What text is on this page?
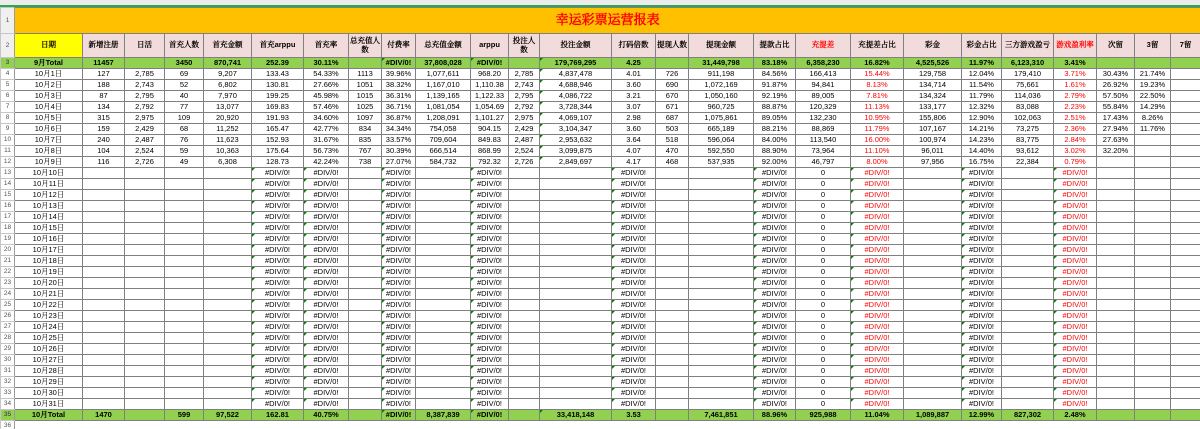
1	幸运彩票运营报表																									
2	日期	新增注册	日活	首充人数	首充金额	首充arppu	首充率	总充值人数	付费率	总充值金额	arppu	投注人数	投注金额	打码倍数	提现人数	提现金额	提款占比	充提差	充提差占比	彩金	彩金占比	三方游戏盈亏	游戏盈利率	次留	3留	7留
3	9月Total	11457		3450	870,741	252.39	30.11%		#DIV/0!	37,808,028	#DIV/0!		179,769,295	4.25		31,449,798	83.18%	6,358,230	16.82%	4,525,526	11.97%	6,123,310	3.41%			
4	10月1日	127	2,785	69	9,207	133.43	54.33%	1113	39.96%	1,077,611	968.20	2,785	4,837,478	4.01	726	911,198	84.56%	166,413	15.44%	129,758	12.04%	179,410	3.71%	30.43%	21.74%	
5	10月2日	188	2,743	52	6,802	130.81	27.66%	1051	38.32%	1,167,010	1,110.38	2,743	4,688,946	3.60	690	1,072,169	91.87%	94,841	8.13%	134,714	11.54%	75,661	1.61%	26.92%	19.23%	
6	10月3日	87	2,795	40	7,970	199.25	45.98%	1015	36.31%	1,139,165	1,122.33	2,795	4,086,722	3.21	670	1,050,160	92.19%	89,005	7.81%	134,324	11.79%	114,036	2.79%	57.50%	22.50%	
7	10月4日	134	2,792	77	13,077	169.83	57.46%	1025	36.71%	1,081,054	1,054.69	2,792	3,728,344	3.07	671	960,725	88.87%	120,329	11.13%	133,177	12.32%	83,088	2.23%	55.84%	14.29%	
8	10月5日	315	2,975	109	20,920	191.93	34.60%	1097	36.87%	1,208,091	1,101.27	2,975	4,069,107	2.98	687	1,075,861	89.05%	132,230	10.95%	155,806	12.90%	102,063	2.51%	17.43%	8.26%	
9	10月6日	159	2,429	68	11,252	165.47	42.77%	834	34.34%	754,058	904.15	2,429	3,104,347	3.60	503	665,189	88.21%	88,869	11.79%	107,167	14.21%	73,275	2.36%	27.94%	11.76%	
10	10月7日	240	2,487	76	11,623	152.93	31.67%	835	33.57%	709,604	849.83	2,487	2,953,632	3.64	518	596,064	84.00%	113,540	16.00%	100,974	14.23%	83,775	2.84%	27.63%		
11	10月8日	104	2,524	59	10,363	175.64	56.73%	767	30.39%	666,514	868.99	2,524	3,099,875	4.07	470	592,550	88.90%	73,964	11.10%	96,011	14.40%	93,612	3.02%	32.20%		
12	10月9日	116	2,726	49	6,308	128.73	42.24%	738	27.07%	584,732	792.32	2,726	2,849,697	4.17	468	537,935	92.00%	46,797	8.00%	97,956	16.75%	22,384	0.79%			
13	10月10日					#DIV/0!	#DIV/0!		#DIV/0!		#DIV/0!			#DIV/0!			#DIV/0!	0	#DIV/0!		#DIV/0!		#DIV/0!			
14	10月11日					#DIV/0!	#DIV/0!		#DIV/0!		#DIV/0!			#DIV/0!			#DIV/0!	0	#DIV/0!		#DIV/0!		#DIV/0!			
15	10月12日					#DIV/0!	#DIV/0!		#DIV/0!		#DIV/0!			#DIV/0!			#DIV/0!	0	#DIV/0!		#DIV/0!		#DIV/0!			
16	10月13日					#DIV/0!	#DIV/0!		#DIV/0!		#DIV/0!			#DIV/0!			#DIV/0!	0	#DIV/0!		#DIV/0!		#DIV/0!			
17	10月14日					#DIV/0!	#DIV/0!		#DIV/0!		#DIV/0!			#DIV/0!			#DIV/0!	0	#DIV/0!		#DIV/0!		#DIV/0!			
18	10月15日					#DIV/0!	#DIV/0!		#DIV/0!		#DIV/0!			#DIV/0!			#DIV/0!	0	#DIV/0!		#DIV/0!		#DIV/0!			
19	10月16日					#DIV/0!	#DIV/0!		#DIV/0!		#DIV/0!			#DIV/0!			#DIV/0!	0	#DIV/0!		#DIV/0!		#DIV/0!			
20	10月17日					#DIV/0!	#DIV/0!		#DIV/0!		#DIV/0!			#DIV/0!			#DIV/0!	0	#DIV/0!		#DIV/0!		#DIV/0!			
21	10月18日					#DIV/0!	#DIV/0!		#DIV/0!		#DIV/0!			#DIV/0!			#DIV/0!	0	#DIV/0!		#DIV/0!		#DIV/0!			
22	10月19日					#DIV/0!	#DIV/0!		#DIV/0!		#DIV/0!			#DIV/0!			#DIV/0!	0	#DIV/0!		#DIV/0!		#DIV/0!			
23	10月20日					#DIV/0!	#DIV/0!		#DIV/0!		#DIV/0!			#DIV/0!			#DIV/0!	0	#DIV/0!		#DIV/0!		#DIV/0!			
24	10月21日					#DIV/0!	#DIV/0!		#DIV/0!		#DIV/0!			#DIV/0!			#DIV/0!	0	#DIV/0!		#DIV/0!		#DIV/0!			
25	10月22日					#DIV/0!	#DIV/0!		#DIV/0!		#DIV/0!			#DIV/0!			#DIV/0!	0	#DIV/0!		#DIV/0!		#DIV/0!			
26	10月23日					#DIV/0!	#DIV/0!		#DIV/0!		#DIV/0!			#DIV/0!			#DIV/0!	0	#DIV/0!		#DIV/0!		#DIV/0!			
27	10月24日					#DIV/0!	#DIV/0!		#DIV/0!		#DIV/0!			#DIV/0!			#DIV/0!	0	#DIV/0!		#DIV/0!		#DIV/0!			
28	10月25日					#DIV/0!	#DIV/0!		#DIV/0!		#DIV/0!			#DIV/0!			#DIV/0!	0	#DIV/0!		#DIV/0!		#DIV/0!			
29	10月26日					#DIV/0!	#DIV/0!		#DIV/0!		#DIV/0!			#DIV/0!			#DIV/0!	0	#DIV/0!		#DIV/0!		#DIV/0!			
30	10月27日					#DIV/0!	#DIV/0!		#DIV/0!		#DIV/0!			#DIV/0!			#DIV/0!	0	#DIV/0!		#DIV/0!		#DIV/0!			
31	10月28日					#DIV/0!	#DIV/0!		#DIV/0!		#DIV/0!			#DIV/0!			#DIV/0!	0	#DIV/0!		#DIV/0!		#DIV/0!			
32	10月29日					#DIV/0!	#DIV/0!		#DIV/0!		#DIV/0!			#DIV/0!			#DIV/0!	0	#DIV/0!		#DIV/0!		#DIV/0!			
33	10月30日					#DIV/0!	#DIV/0!		#DIV/0!		#DIV/0!			#DIV/0!			#DIV/0!	0	#DIV/0!		#DIV/0!		#DIV/0!			
34	10月31日					#DIV/0!	#DIV/0!		#DIV/0!		#DIV/0!			#DIV/0!			#DIV/0!	0	#DIV/0!		#DIV/0!		#DIV/0!			
35	10月Total	1470		599	97,522	162.81	40.75%		#DIV/0!	8,387,839	#DIV/0!		33,418,148	3.53		7,461,851	88.96%	925,988	11.04%	1,089,887	12.99%	827,302	2.48%			
36																										
